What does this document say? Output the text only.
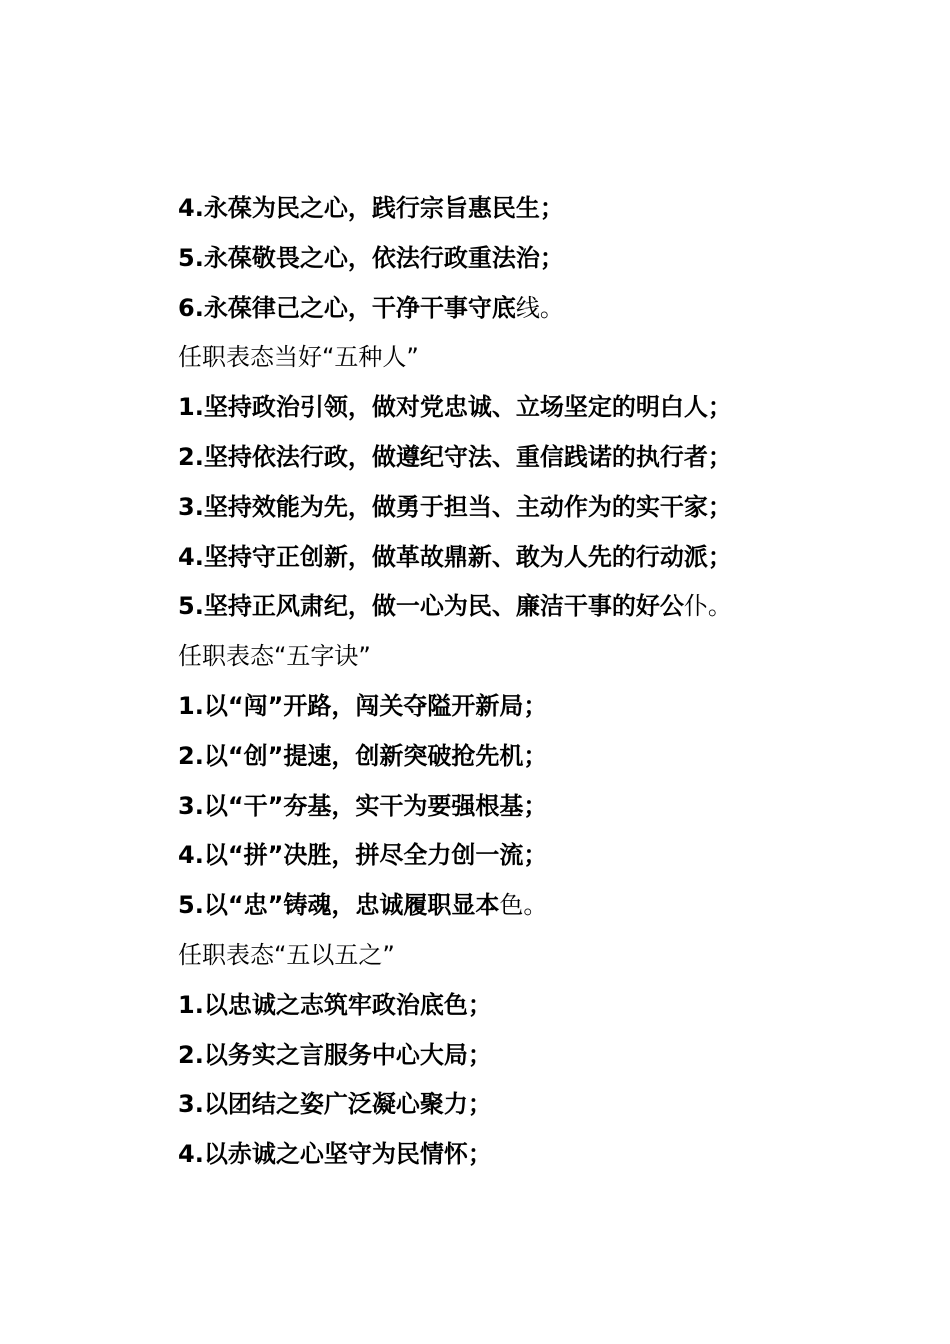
4.永葆为民之心，践行宗旨惠民生；
5.永葆敬畏之心，依法行政重法治；
6.永葆律己之心，干净干事守底线。
任职表态当好“五种人”
1.坚持政治引领，做对党忠诚、立场坚定的明白人；
2.坚持依法行政，做遵纪守法、重信践诺的执行者；
3.坚持效能为先，做勇于担当、主动作为的实干家；
4.坚持守正创新，做革故鼎新、敢为人先的行动派；
5.坚持正风肃纪，做一心为民、廉洁干事的好公仆。
任职表态“五字诀”
1.以“闯”开路，闯关夺隘开新局；
2.以“创”提速，创新突破抢先机；
3.以“干”夯基，实干为要强根基；
4.以“拼”决胜，拼尽全力创一流；
5.以“忠”铸魂，忠诚履职显本色。
任职表态“五以五之”
1.以忠诚之志筑牢政治底色；
2.以务实之言服务中心大局；
3.以团结之姿广泛凝心聚力；
4.以赤诚之心坚守为民情怀；
